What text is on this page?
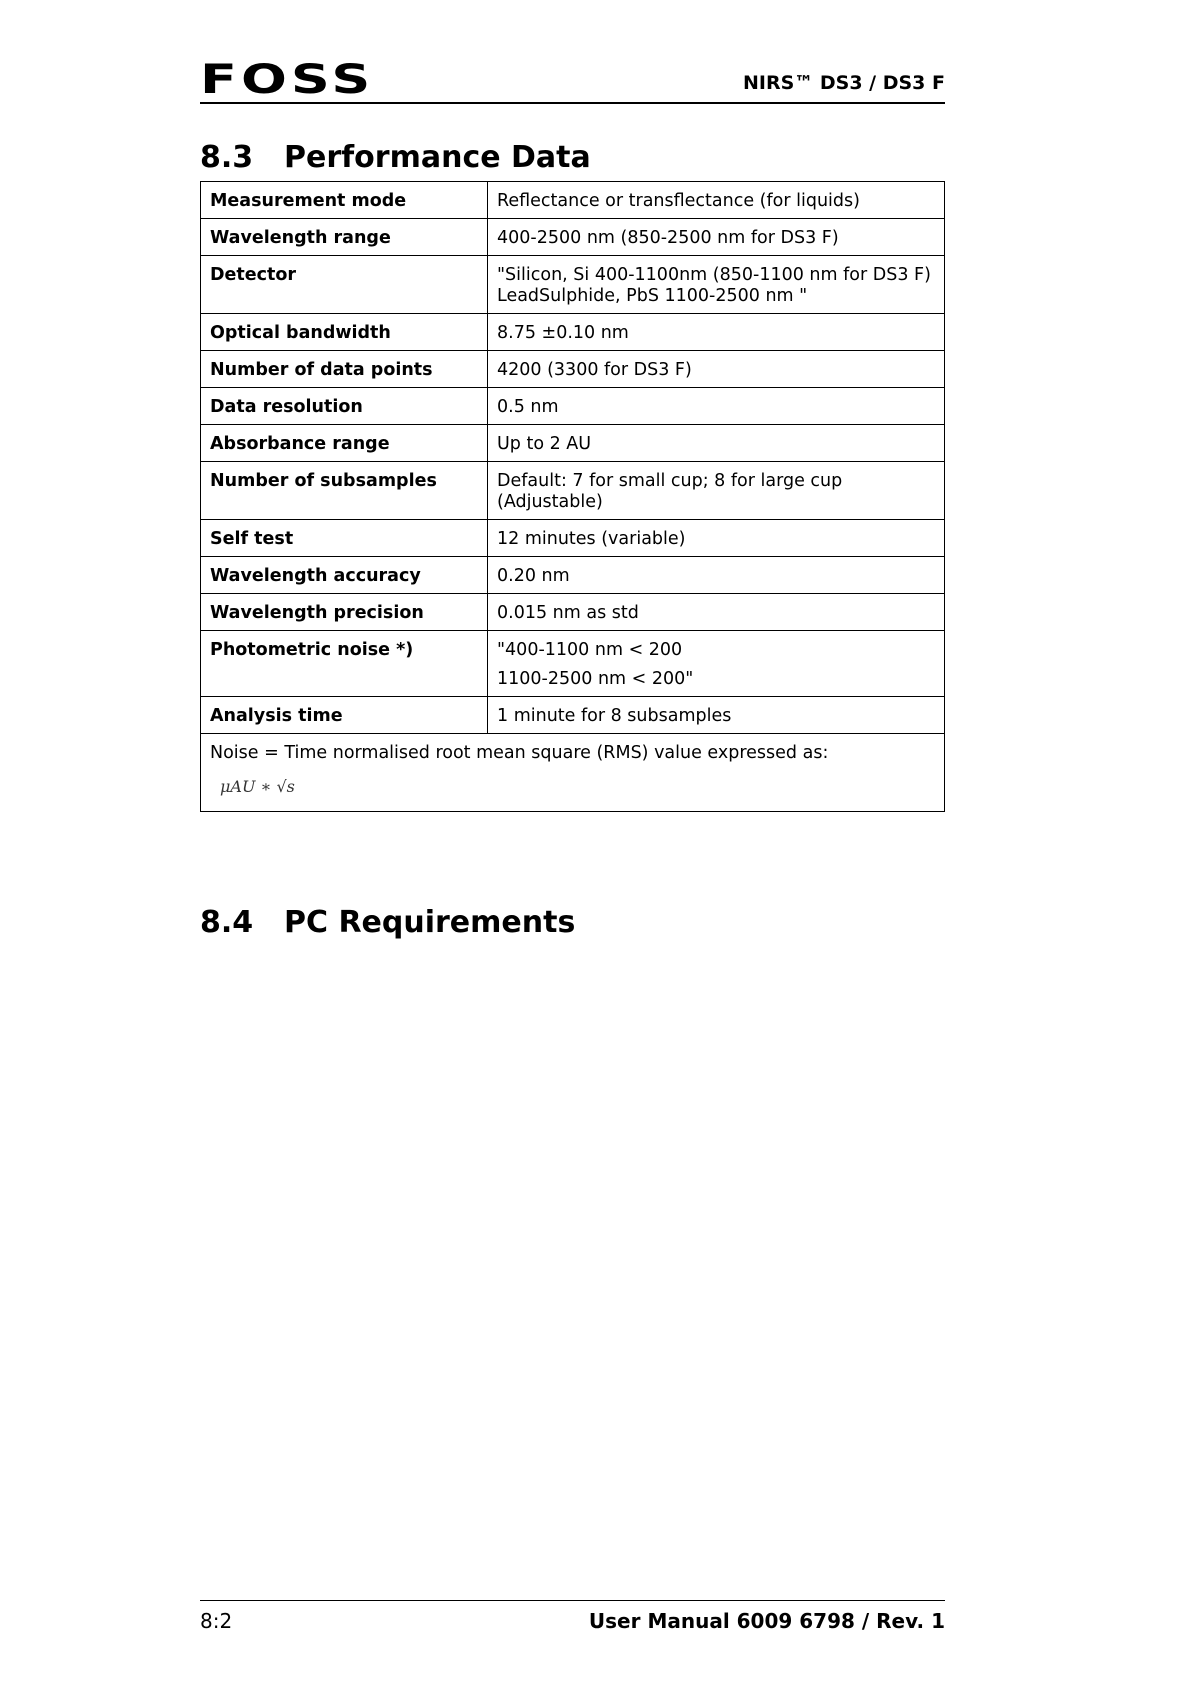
FOSS	NIRS™ DS3 / DS3 F
8.3 Performance Data
Measurement mode	Reflectance or transflectance (for liquids)

Wavelength range	400-2500 nm (850-2500 nm for DS3 F)

Detector	"Silicon, Si 400-1100nm (850-1100 nm for DS3 F)
LeadSulphide, PbS 1100-2500 nm "

Optical bandwidth	8.75 ±0.10 nm

Number of data points	4200 (3300 for DS3 F)

Data resolution	0.5 nm

Absorbance range	Up to 2 AU

Number of subsamples	Default: 7 for small cup; 8 for large cup
(Adjustable)

Self test	12 minutes (variable)

Wavelength accuracy	0.20 nm

Wavelength precision	0.015 nm as std

Photometric noise *)	"400-1100 nm < 200
1100-2500 nm < 200"

Analysis time	1 minute for 8 subsamples

Noise = Time normalised root mean square (RMS) value expressed as:
μAU ∗ √s	
8.4 PC Requirements
8:2	User Manual 6009 6798 / Rev. 1
